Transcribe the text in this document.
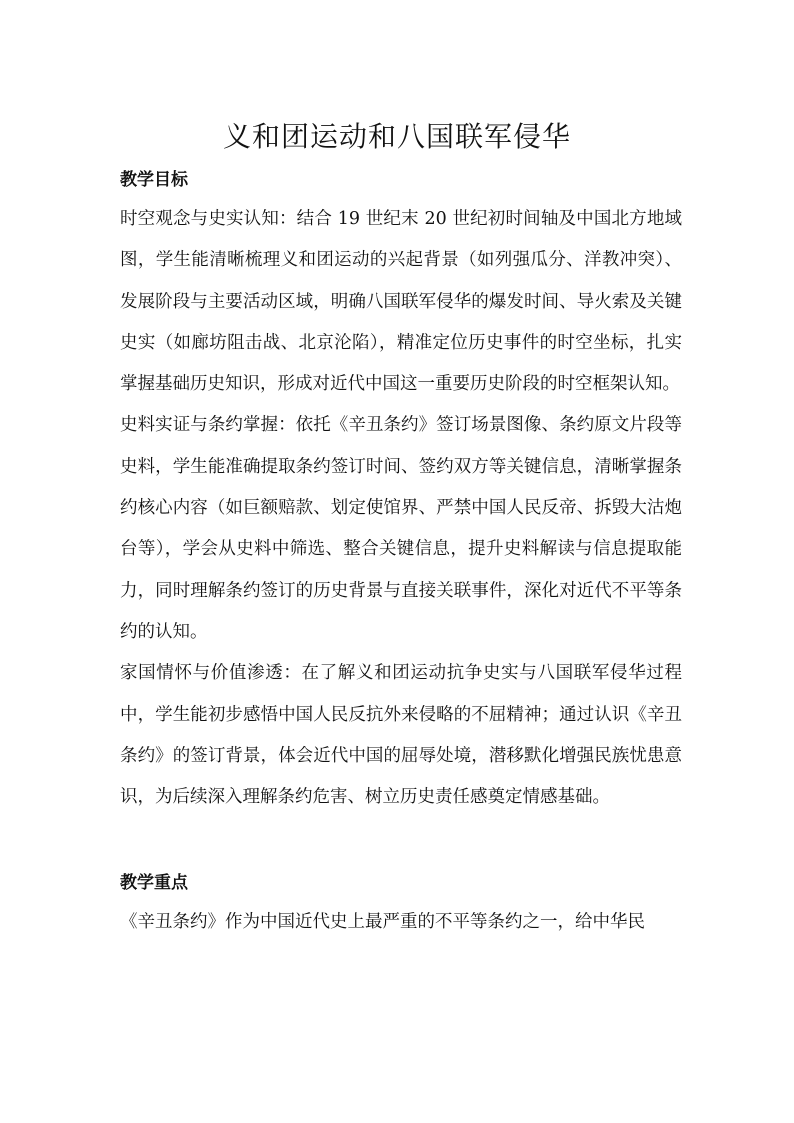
义和团运动和八国联军侵华
教学目标

时空观念与史实认知：结合 19 世纪末 20 世纪初时间轴及中国北方地域图，学生能清晰梳理义和团运动的兴起背景（如列强瓜分、洋教冲突）、发展阶段与主要活动区域，明确八国联军侵华的爆发时间、导火索及关键史实（如廊坊阻击战、北京沦陷），精准定位历史事件的时空坐标，扎实掌握基础历史知识，形成对近代中国这一重要历史阶段的时空框架认知。

史料实证与条约掌握：依托《辛丑条约》签订场景图像、条约原文片段等史料，学生能准确提取条约签订时间、签约双方等关键信息，清晰掌握条约核心内容（如巨额赔款、划定使馆界、严禁中国人民反帝、拆毁大沽炮台等），学会从史料中筛选、整合关键信息，提升史料解读与信息提取能力，同时理解条约签订的历史背景与直接关联事件，深化对近代不平等条约的认知。

家国情怀与价值渗透：在了解义和团运动抗争史实与八国联军侵华过程中，学生能初步感悟中国人民反抗外来侵略的不屈精神；通过认识《辛丑条约》的签订背景，体会近代中国的屈辱处境，潜移默化增强民族忧患意识，为后续深入理解条约危害、树立历史责任感奠定情感基础。

教学重点

《辛丑条约》作为中国近代史上最严重的不平等条约之一，给中华民
